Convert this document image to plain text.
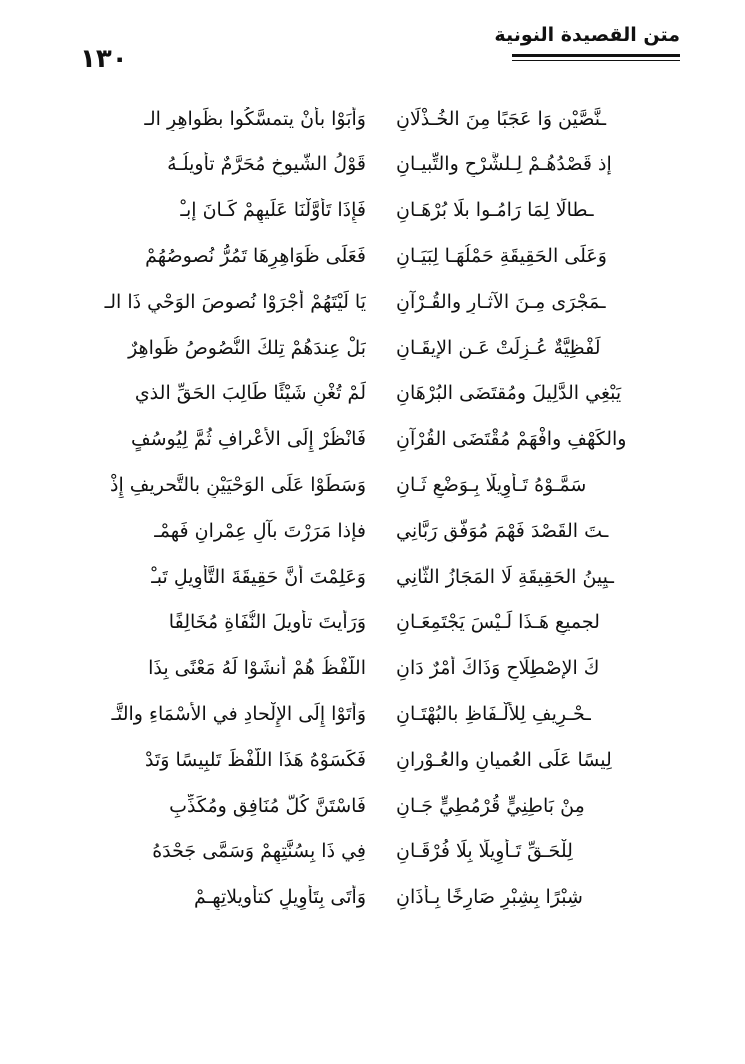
متن القصيدة النونية
١٣٠
وَأَبَوْا بأنْ يتمسَّكُوا بظَواهِرِ الـ ـنَّصَّيْنِ وَا عَجَبًا مِنَ الخُـذْلَانِ
قَوْلُ الشّيوخِ مُحَرَّمٌ تأويلُـهُ إذ قَصْدُهُـمْ لِـلشَّرْحِ والتِّبيـانِ
فَإِذَا تَأَوَّلْنَا عَلَيهِمْ كَـانَ إبـْ ـطالًا لِمَا رَامُـوا بلَا بُرْهَـانِ
فَعَلَى ظَوَاهِرِهَا تَمُرُّ نُصوصُهُمْ وَعَلَى الحَقِيقَةِ حَمْلُهَـا لِبَيَـانِ
يَا لَيْتَهُمْ أَجْرَوْا نُصوصَ الوَحْيِ ذَا الـ ـمَجْرَى مِـنَ الآثـارِ والقُـرْآنِ
بَلْ عِندَهُمْ تِلكَ النُّصُوصُ ظَواهِرٌ لَفْظِيَّةٌ عُـزِلَتْ عَـنِ الإيقَـانِ
لَمْ تُغْنِ شَيْئًا طَالِبَ الحَقِّ الذي يَبْغِي الدَّلِيلَ ومُقتَضَى البُرْهَانِ
فَانْظُرْ إِلَى الأَعْرافِ ثُمَّ لِيُوسُفٍ والكَهْفِ وافْهَمْ مُقْتَضَى القُرْآنِ
وَسَطَوْا عَلَى الوَحْيَيْنِ بالتَّحريفِ إِذْ سَمَّـوْهُ تَـأْوِيلًا بِـوَضْعٍ ثَـانِ
فإذا مَرَرْتَ بآلِ عِمْرانٍ فَهِمْـ ـتَ القَصْدَ فَهْمَ مُوَفَّقٍ رَبَّانِي
وَعَلِمْتَ أَنَّ حَقِيقَةَ التَّأْوِيلِ تَبـْ ـيِينُ الحَقِيقَةِ لَا المَجَازُ الثَّانِي
وَرَأَيتَ تأويلَ النُّفَاةِ مُخَالِفًا لجميعِ هَـذَا لَـيْسَ يَجْتَمِعَـانِ
اللَّفْظُ هُمْ أَنشَوْا لَهُ مَعْنًى بِذَا كَ الإصْطِلَاحِ وَذَاكَ أَمْرٌ دَانِ
وَأَتَوْا إِلَى الإِلْحادِ في الأَسْمَاءِ والتَّـ ـحْـرِيفِ لِلأَلْـفَاظِ بالبُهْتَـانِ
فَكَسَوْهُ هَذَا اللَّفْظَ تَلبِيسًا وَتَدْ لِيسًا عَلَى العُميانِ والعُـوْرانِ
فَاسْتَنَّ كُلُّ مُنَافِقٍ ومُكَذِّبٍ مِنْ بَاطِنِيٍّ قُرْمُطِيٍّ جَـانِ
فِي ذَا بِسُنَّتِهِمْ وَسَمَّى جَحْدَهُ لِلْحَـقِّ تَـأْوِيلًا بِلَا فُرْقَـانِ
وَأَتَى بِتَأْوِيلٍ كتأويلاتِهِـمْ شِبْرًا بِشِبْرٍ صَارِخًا بِـأَذَانِ
